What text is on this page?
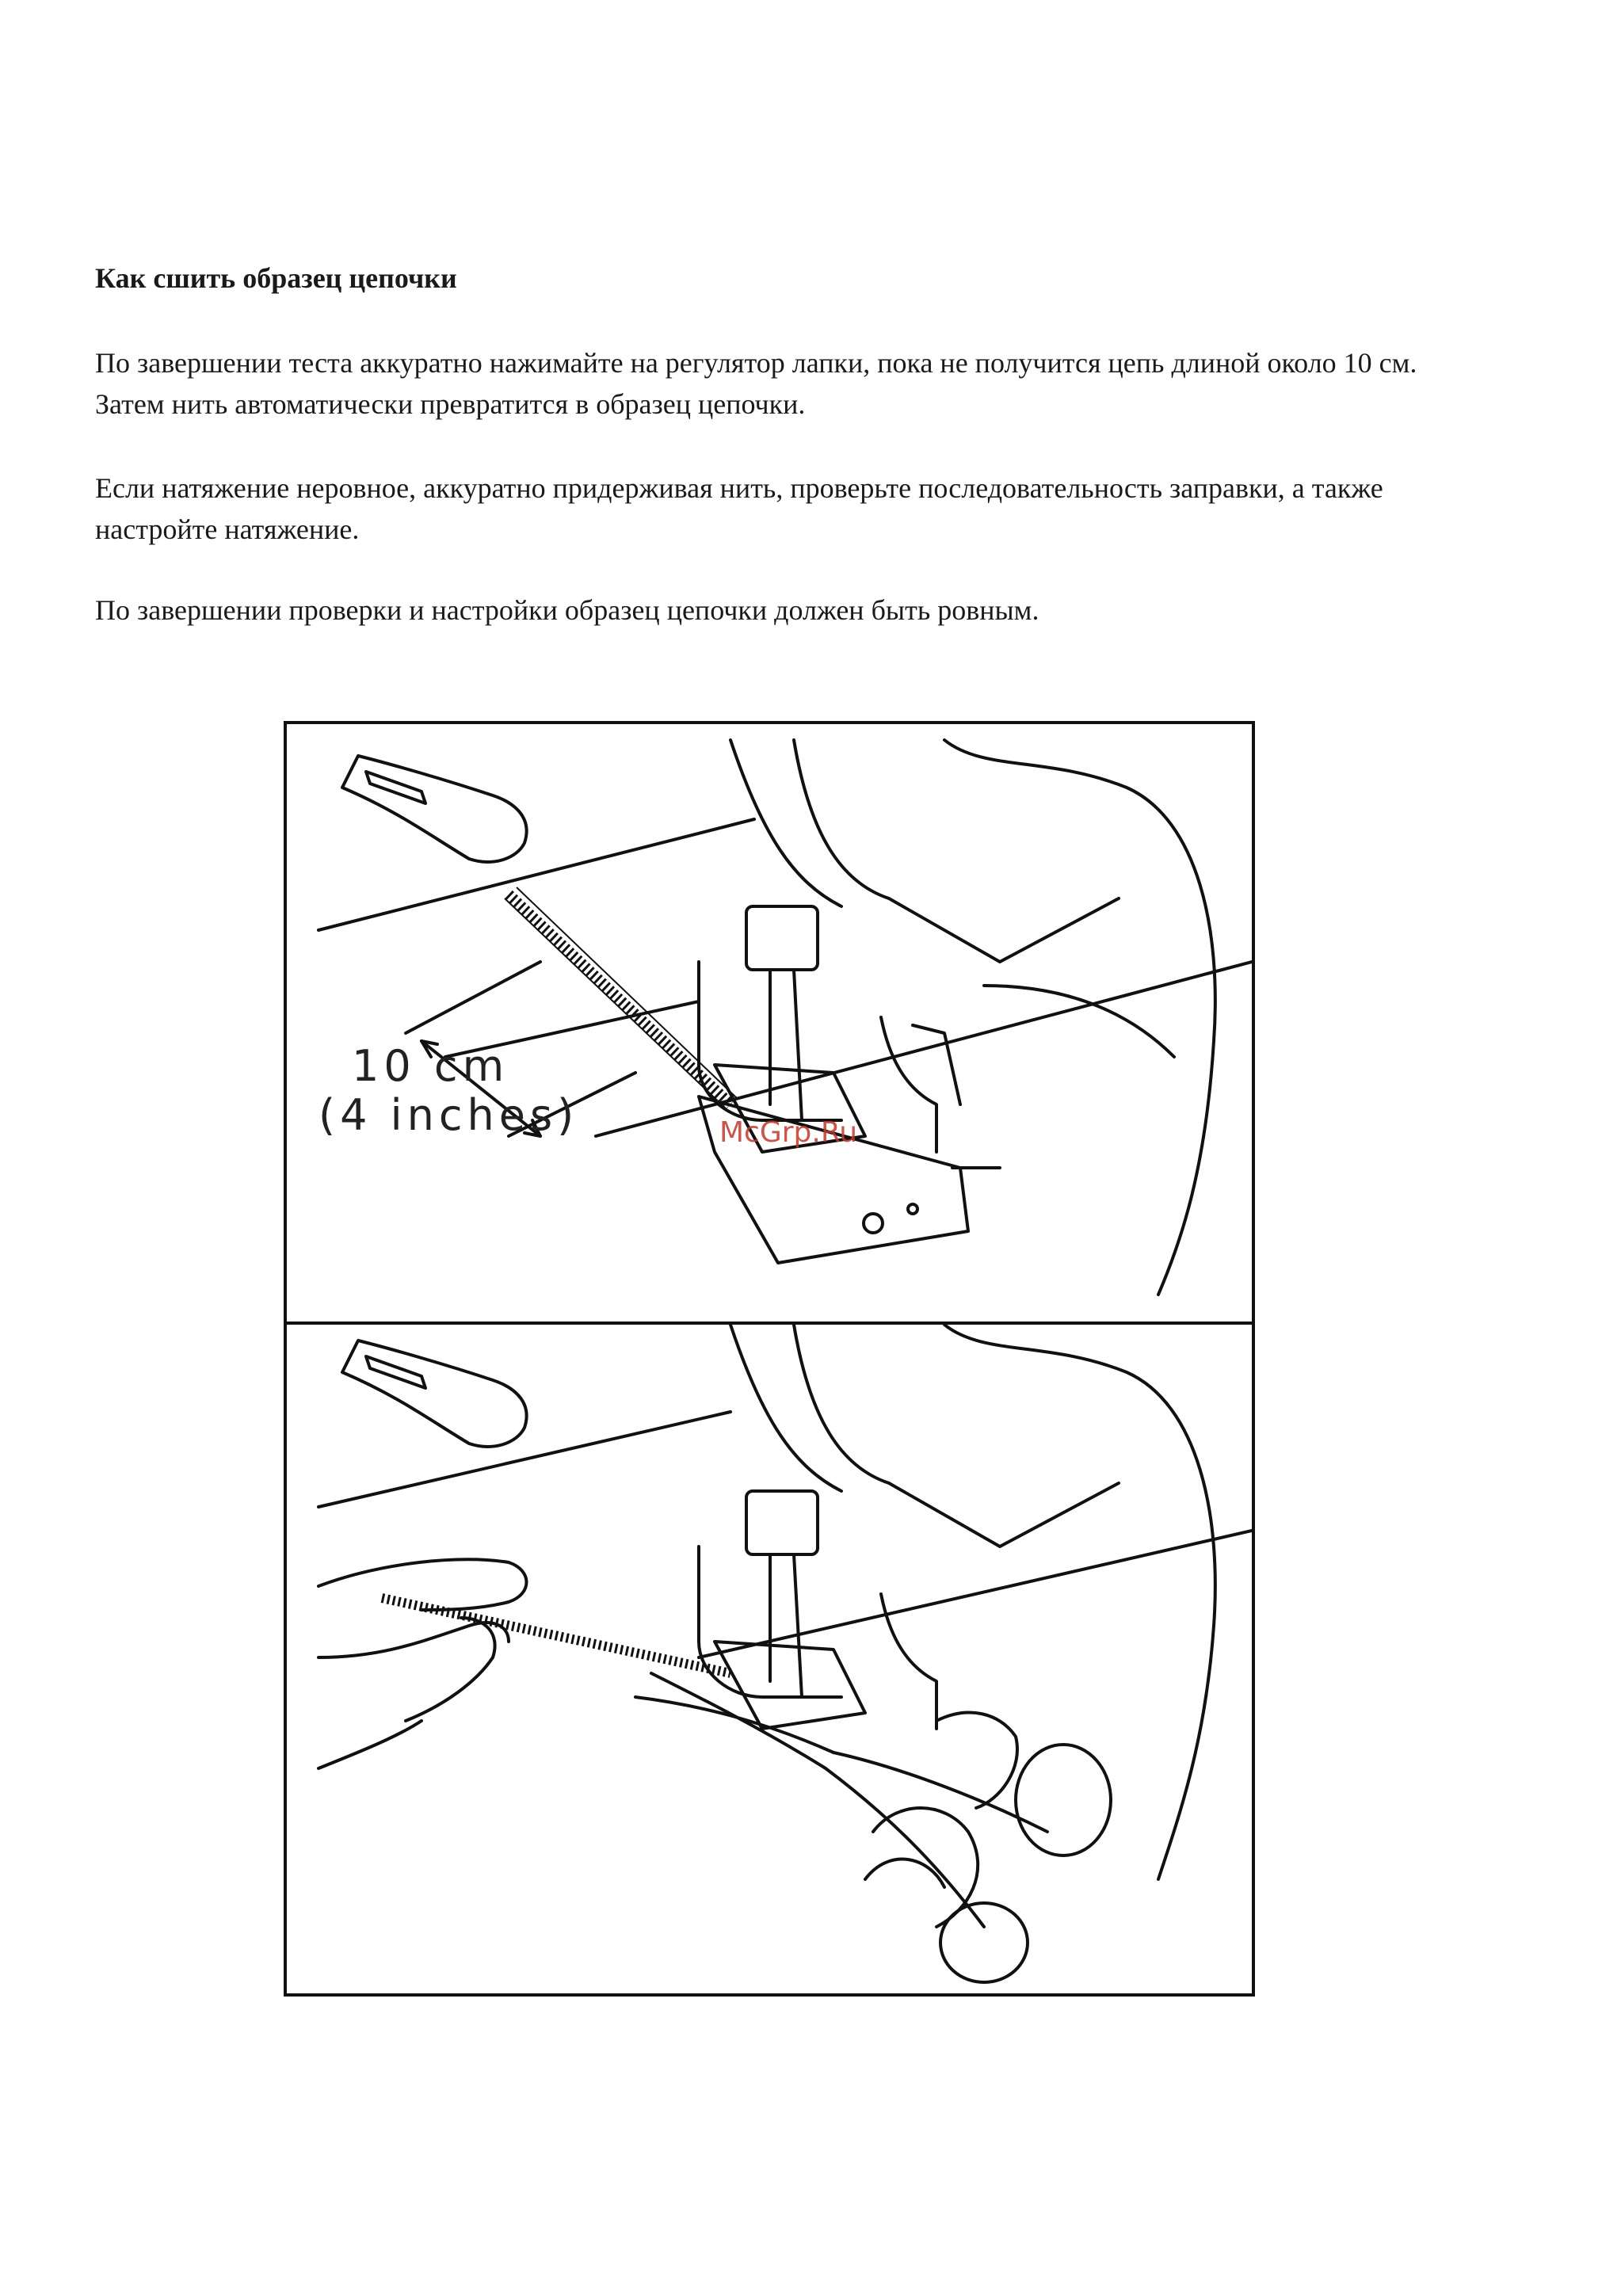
Как сшить образец цепочки

По завершении теста аккуратно нажимайте на регулятор лапки, пока не получится цепь длиной около 10 см. Затем нить автоматически превратится в образец цепочки.

Если натяжение неровное, аккуратно придерживая нить, проверьте последовательность заправки, а также настройте натяжение.

По завершении проверки и настройки образец цепочки должен быть ровным.

10 cm

(4 inches)	McGrp.Ru
